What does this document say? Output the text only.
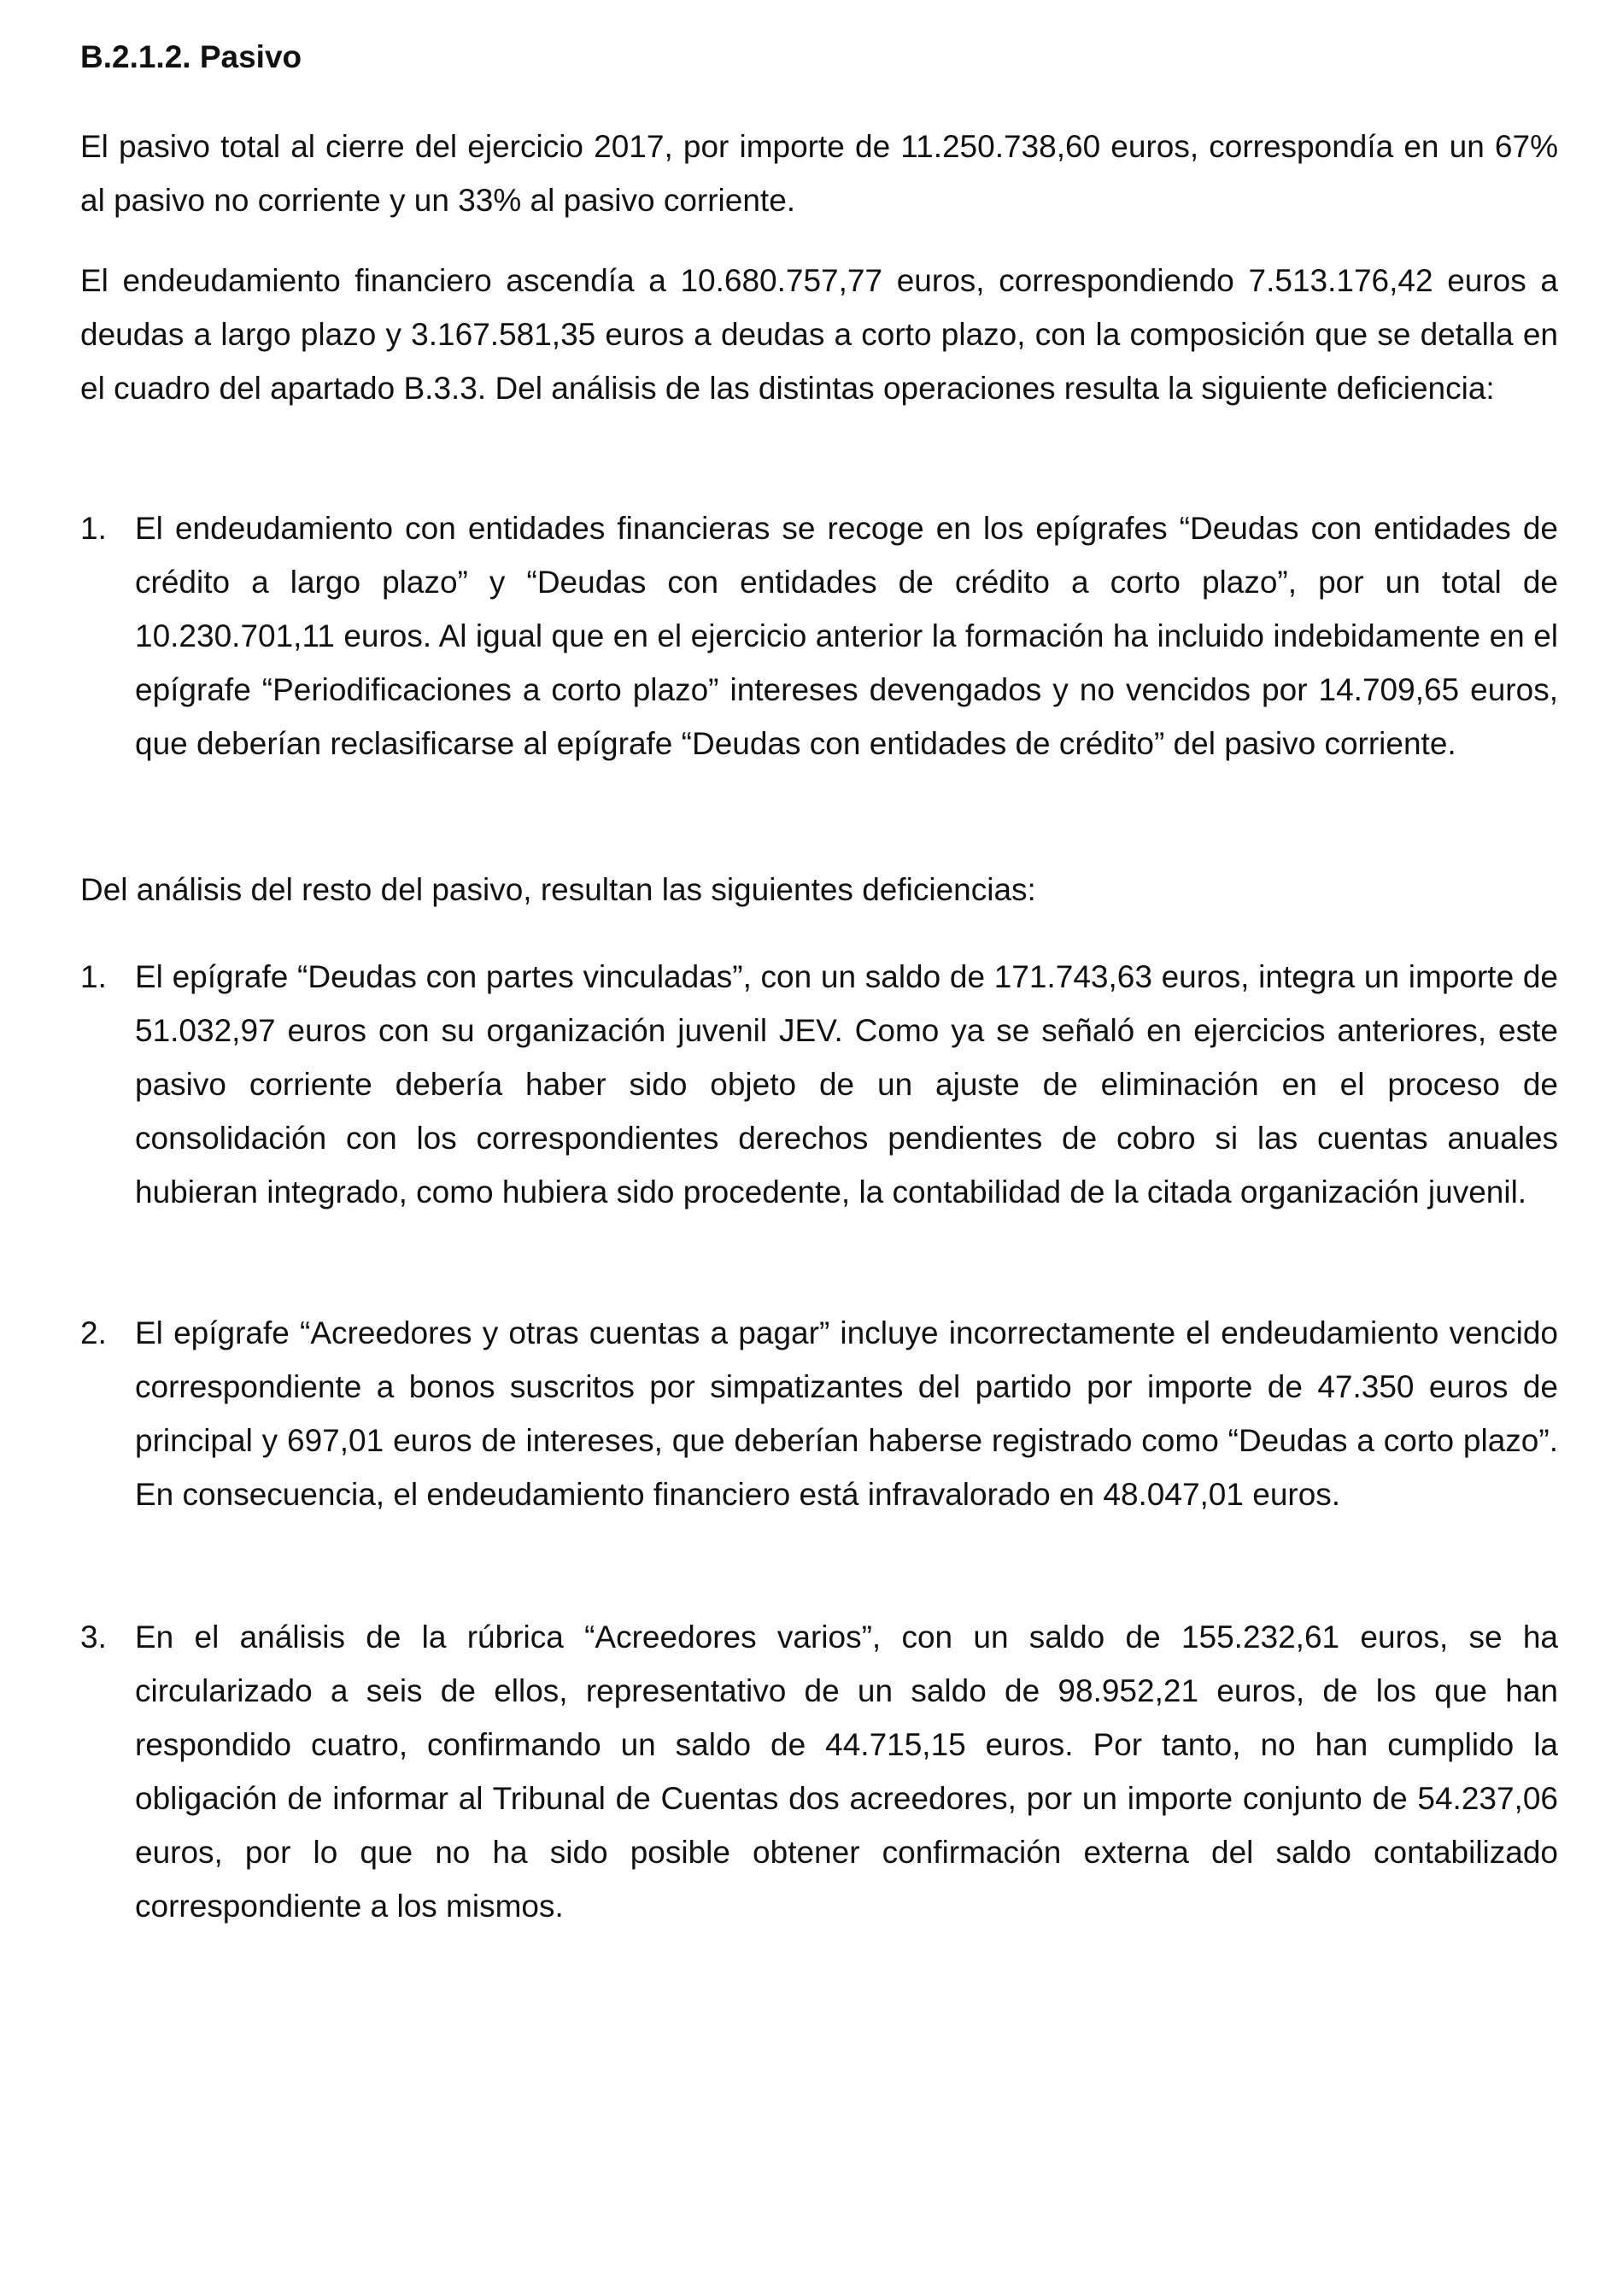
B.2.1.2. Pasivo

El pasivo total al cierre del ejercicio 2017, por importe de 11.250.738,60 euros, correspondía en un 67% al pasivo no corriente y un 33% al pasivo corriente.

El endeudamiento financiero ascendía a 10.680.757,77 euros, correspondiendo 7.513.176,42 euros a deudas a largo plazo y 3.167.581,35 euros a deudas a corto plazo, con la composición que se detalla en el cuadro del apartado B.3.3. Del análisis de las distintas operaciones resulta la siguiente deficiencia:

1. El endeudamiento con entidades financieras se recoge en los epígrafes “Deudas con entidades de crédito a largo plazo” y “Deudas con entidades de crédito a corto plazo”, por un total de 10.230.701,11 euros. Al igual que en el ejercicio anterior la formación ha incluido indebidamente en el epígrafe “Periodificaciones a corto plazo” intereses devengados y no vencidos por 14.709,65 euros, que deberían reclasificarse al epígrafe “Deudas con entidades de crédito” del pasivo corriente.

Del análisis del resto del pasivo, resultan las siguientes deficiencias:

1. El epígrafe “Deudas con partes vinculadas”, con un saldo de 171.743,63 euros, integra un importe de 51.032,97 euros con su organización juvenil JEV. Como ya se señaló en ejercicios anteriores, este pasivo corriente debería haber sido objeto de un ajuste de eliminación en el proceso de consolidación con los correspondientes derechos pendientes de cobro si las cuentas anuales hubieran integrado, como hubiera sido procedente, la contabilidad de la citada organización juvenil.

2. El epígrafe “Acreedores y otras cuentas a pagar” incluye incorrectamente el endeudamiento vencido correspondiente a bonos suscritos por simpatizantes del partido por importe de 47.350 euros de principal y 697,01 euros de intereses, que deberían haberse registrado como “Deudas a corto plazo”. En consecuencia, el endeudamiento financiero está infravalorado en 48.047,01 euros.

3. En el análisis de la rúbrica “Acreedores varios”, con un saldo de 155.232,61 euros, se ha circularizado a seis de ellos, representativo de un saldo de 98.952,21 euros, de los que han respondido cuatro, confirmando un saldo de 44.715,15 euros. Por tanto, no han cumplido la obligación de informar al Tribunal de Cuentas dos acreedores, por un importe conjunto de 54.237,06 euros, por lo que no ha sido posible obtener confirmación externa del saldo contabilizado correspondiente a los mismos.
